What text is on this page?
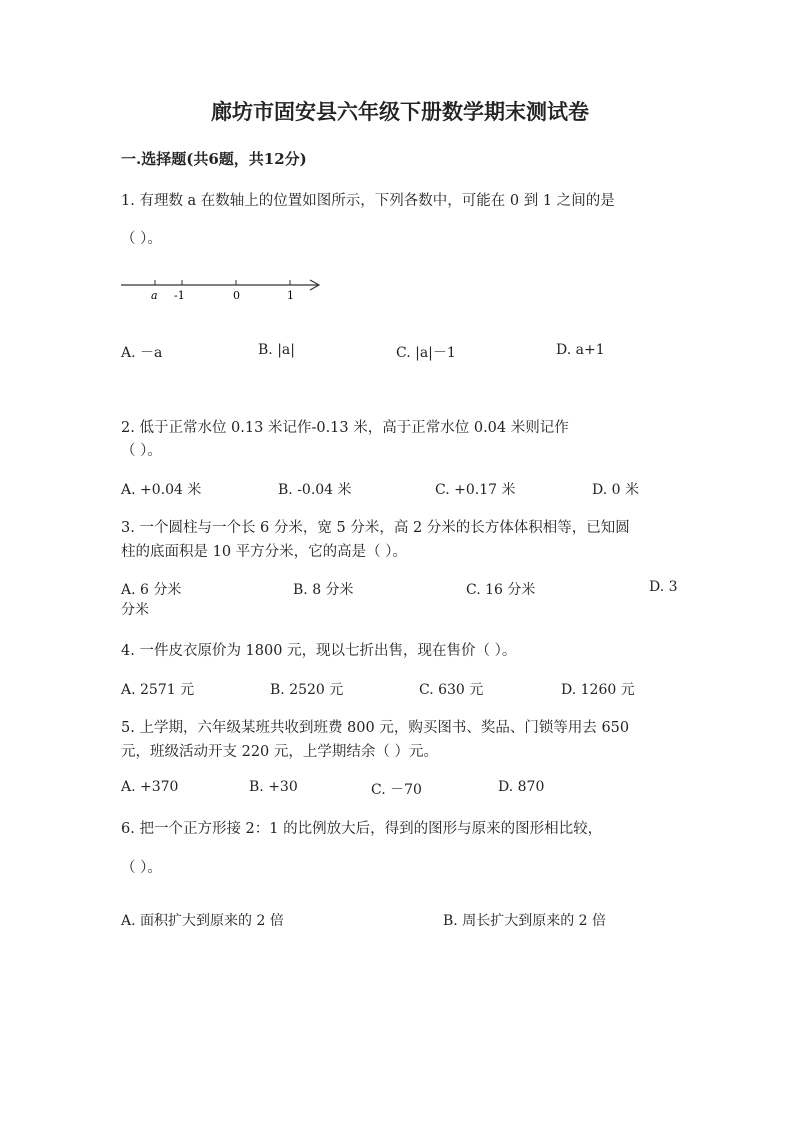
廊坊市固安县六年级下册数学期末测试卷
一.选择题(共6题，共12分)
1. 有理数 a 在数轴上的位置如图所示，下列各数中，可能在 0 到 1 之间的是
（ ）。
a -1	0	1
A. －a	B. |a|	C. |a|－1	D. a+1
2. 低于正常水位 0.13 米记作-0.13 米，高于正常水位 0.04 米则记作
（ ）。
A. +0.04 米	B. -0.04 米	C. +0.17 米	D. 0 米
3. 一个圆柱与一个长 6 分米，宽 5 分米，高 2 分米的长方体体积相等，已知圆
柱的底面积是 10 平方分米，它的高是（ ）。
A. 6 分米	B. 8 分米	C. 16 分米	D. 3
分米
4. 一件皮衣原价为 1800 元，现以七折出售，现在售价（ ）。
A. 2571 元	B. 2520 元	C. 630 元	D. 1260 元
5. 上学期，六年级某班共收到班费 800 元，购买图书、奖品、门锁等用去 650
元，班级活动开支 220 元，上学期结余（ ）元。
A. +370	B. +30	C. －70	D. 870
6. 把一个正方形接 2：1 的比例放大后，得到的图形与原来的图形相比较，
（ ）。
A. 面积扩大到原来的 2 倍	B. 周长扩大到原来的 2 倍
